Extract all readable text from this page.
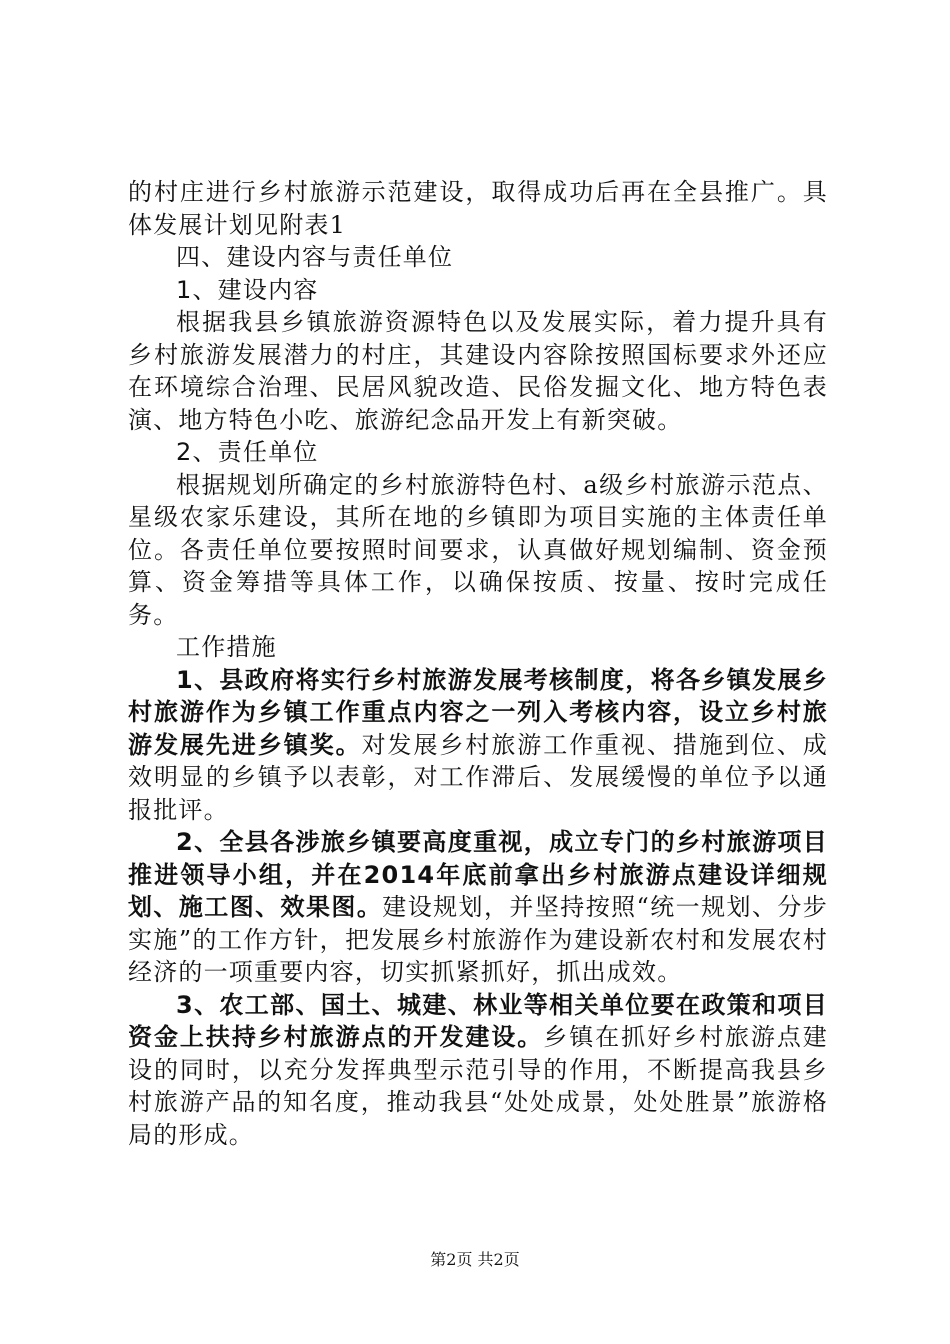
的村庄进行乡村旅游示范建设，取得成功后再在全县推广。具体发展计划见附表1

四、建设内容与责任单位

1、建设内容

根据我县乡镇旅游资源特色以及发展实际，着力提升具有乡村旅游发展潜力的村庄，其建设内容除按照国标要求外还应在环境综合治理、民居风貌改造、民俗发掘文化、地方特色表演、地方特色小吃、旅游纪念品开发上有新突破。

2、责任单位

根据规划所确定的乡村旅游特色村、a级乡村旅游示范点、星级农家乐建设，其所在地的乡镇即为项目实施的主体责任单位。各责任单位要按照时间要求，认真做好规划编制、资金预算、资金筹措等具体工作，以确保按质、按量、按时完成任务。

工作措施

1、县政府将实行乡村旅游发展考核制度，将各乡镇发展乡村旅游作为乡镇工作重点内容之一列入考核内容，设立乡村旅游发展先进乡镇奖。对发展乡村旅游工作重视、措施到位、成效明显的乡镇予以表彰，对工作滞后、发展缓慢的单位予以通报批评。

2、全县各涉旅乡镇要高度重视，成立专门的乡村旅游项目推进领导小组，并在2014年底前拿出乡村旅游点建设详细规划、施工图、效果图。建设规划，并坚持按照“统一规划、分步实施”的工作方针，把发展乡村旅游作为建设新农村和发展农村经济的一项重要内容，切实抓紧抓好，抓出成效。

3、农工部、国土、城建、林业等相关单位要在政策和项目资金上扶持乡村旅游点的开发建设。乡镇在抓好乡村旅游点建设的同时，以充分发挥典型示范引导的作用，不断提高我县乡村旅游产品的知名度，推动我县“处处成景，处处胜景”旅游格局的形成。

第2页 共2页
